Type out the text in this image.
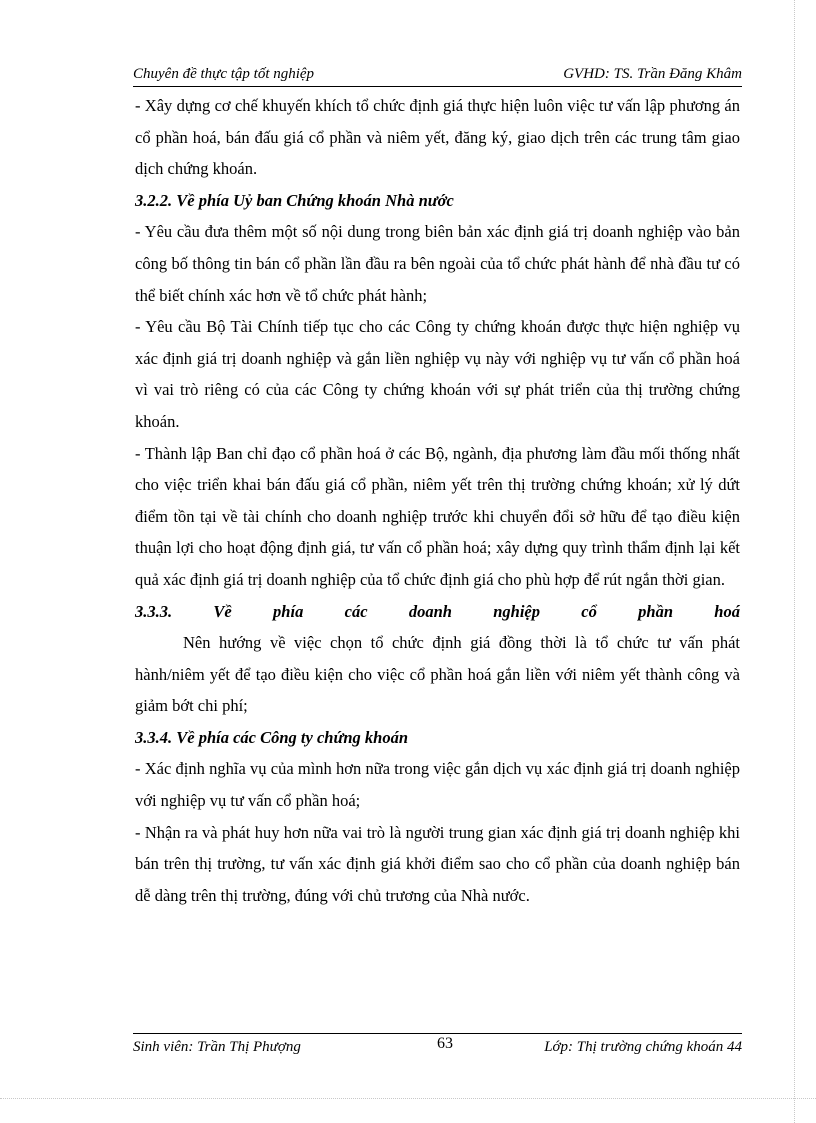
Chuyên đề thực tập tốt nghiệp	GVHD: TS. Trần Đăng Khâm

- Xây dựng cơ chế khuyến khích tổ chức định giá thực hiện luôn việc tư vấn lập phương án cổ phần hoá, bán đấu giá cổ phần và niêm yết, đăng ký, giao dịch trên các trung tâm giao dịch chứng khoán.

3.2.2. Về phía Uỷ ban Chứng khoán Nhà nước

- Yêu cầu đưa thêm một số nội dung trong biên bản xác định giá trị doanh nghiệp vào bản công bố thông tin bán cổ phần lần đầu ra bên ngoài của tổ chức phát hành để nhà đầu tư có thể biết chính xác hơn về tổ chức phát hành;

- Yêu cầu Bộ Tài Chính tiếp tục cho các Công ty chứng khoán được thực hiện nghiệp vụ xác định giá trị doanh nghiệp và gắn liền nghiệp vụ này với nghiệp vụ tư vấn cổ phần hoá vì vai trò riêng có của các Công ty chứng khoán với sự phát triển của thị trường chứng khoán.

- Thành lập Ban chỉ đạo cổ phần hoá ở các Bộ, ngành, địa phương làm đầu mối thống nhất cho việc triển khai bán đấu giá cổ phần, niêm yết trên thị trường chứng khoán; xử lý dứt điểm tồn tại về tài chính cho doanh nghiệp trước khi chuyển đổi sở hữu để tạo điều kiện thuận lợi cho hoạt động định giá, tư vấn cổ phần hoá; xây dựng quy trình thẩm định lại kết quả xác định giá trị doanh nghiệp của tổ chức định giá cho phù hợp để rút ngắn thời gian.

3.3.3. Về phía các doanh nghiệp cổ phần hoá

Nên hướng về việc chọn tổ chức định giá đồng thời là tổ chức tư vấn phát hành/niêm yết để tạo điều kiện cho việc cổ phần hoá gắn liền với niêm yết thành công và giảm bớt chi phí;

3.3.4. Về phía các Công ty chứng khoán

- Xác định nghĩa vụ của mình hơn nữa trong việc gắn dịch vụ xác định giá trị doanh nghiệp với nghiệp vụ tư vấn cổ phần hoá;

- Nhận ra và phát huy hơn nữa vai trò là người trung gian xác định giá trị doanh nghiệp khi bán trên thị trường, tư vấn xác định giá khởi điểm sao cho cổ phần của doanh nghiệp bán dễ dàng trên thị trường, đúng với chủ trương của Nhà nước.

Sinh viên: Trần Thị Phượng	63	Lớp: Thị trường chứng khoán 44
